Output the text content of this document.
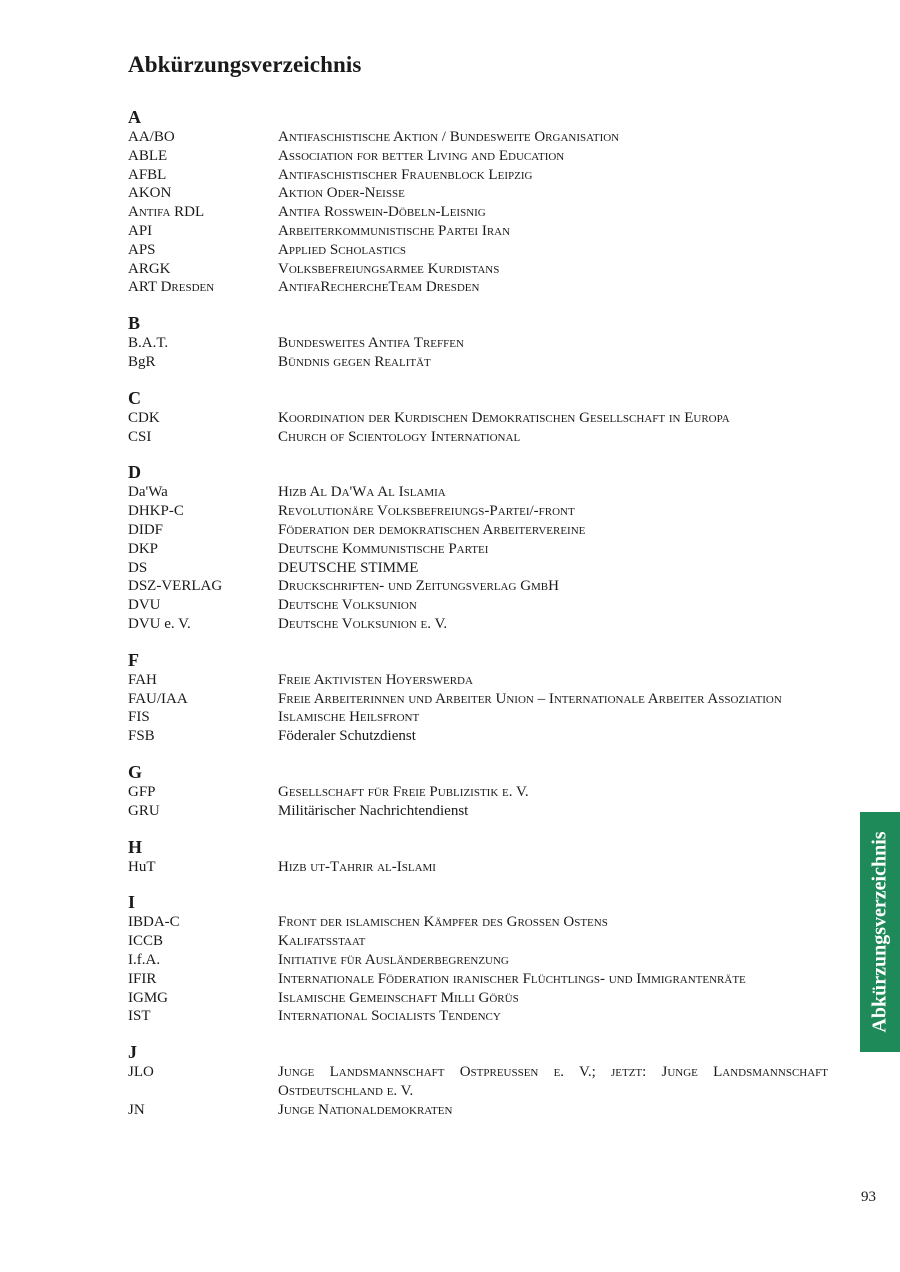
Abkürzungsverzeichnis
A
AA/BO	Antifaschistische Aktion / Bundesweite Organisation
ABLE	Association for better Living and Education
AFBL	Antifaschistischer Frauenblock Leipzig
AKON	Aktion Oder-Neiße
Antifa RDL	Antifa Roßwein-Döbeln-Leisnig
API	Arbeiterkommunistische Partei Iran
APS	Applied Scholastics
ARGK	Volksbefreiungsarmee Kurdistans
ART Dresden	AntifaRechercheTeam Dresden
B
B.A.T.	Bundesweites Antifa Treffen
BgR	Bündnis gegen Realität
C
CDK	Koordination der Kurdischen Demokratischen Gesellschaft in Europa
CSI	Church of Scientology International
D
Da'Wa	Hizb Al Da'Wa Al Islamia
DHKP-C	Revolutionäre Volksbefreiungs-Partei/-front
DIDF	Föderation der demokratischen Arbeitervereine
DKP	Deutsche Kommunistische Partei
DS	DEUTSCHE STIMME
DSZ-VERLAG	Druckschriften- und Zeitungsverlag GmbH
DVU	Deutsche Volksunion
DVU e. V.	Deutsche Volksunion e. V.
F
FAH	Freie Aktivisten Hoyerswerda
FAU/IAA	Freie Arbeiterinnen und Arbeiter Union – Internationale Arbeiter Assoziation
FIS	Islamische Heilsfront
FSB	Föderaler Schutzdienst
G
GFP	Gesellschaft für Freie Publizistik e. V.
GRU	Militärischer Nachrichtendienst
H
HuT	Hizb ut-Tahrir al-Islami
I
IBDA-C	Front der islamischen Kämpfer des Großen Ostens
ICCB	Kalifatsstaat
I.f.A.	Initiative für Ausländerbegrenzung
IFIR	Internationale Föderation iranischer Flüchtlings- und Immigrantenräte
IGMG	Islamische Gemeinschaft Milli Görüs
IST	International Socialists Tendency
J
JLO	Junge Landsmannschaft Ostpreußen e. V.; jetzt: Junge Landsmannschaft Ostdeutschland e. V.
JN	Junge Nationaldemokraten
Abkürzungsverzeichnis
93
